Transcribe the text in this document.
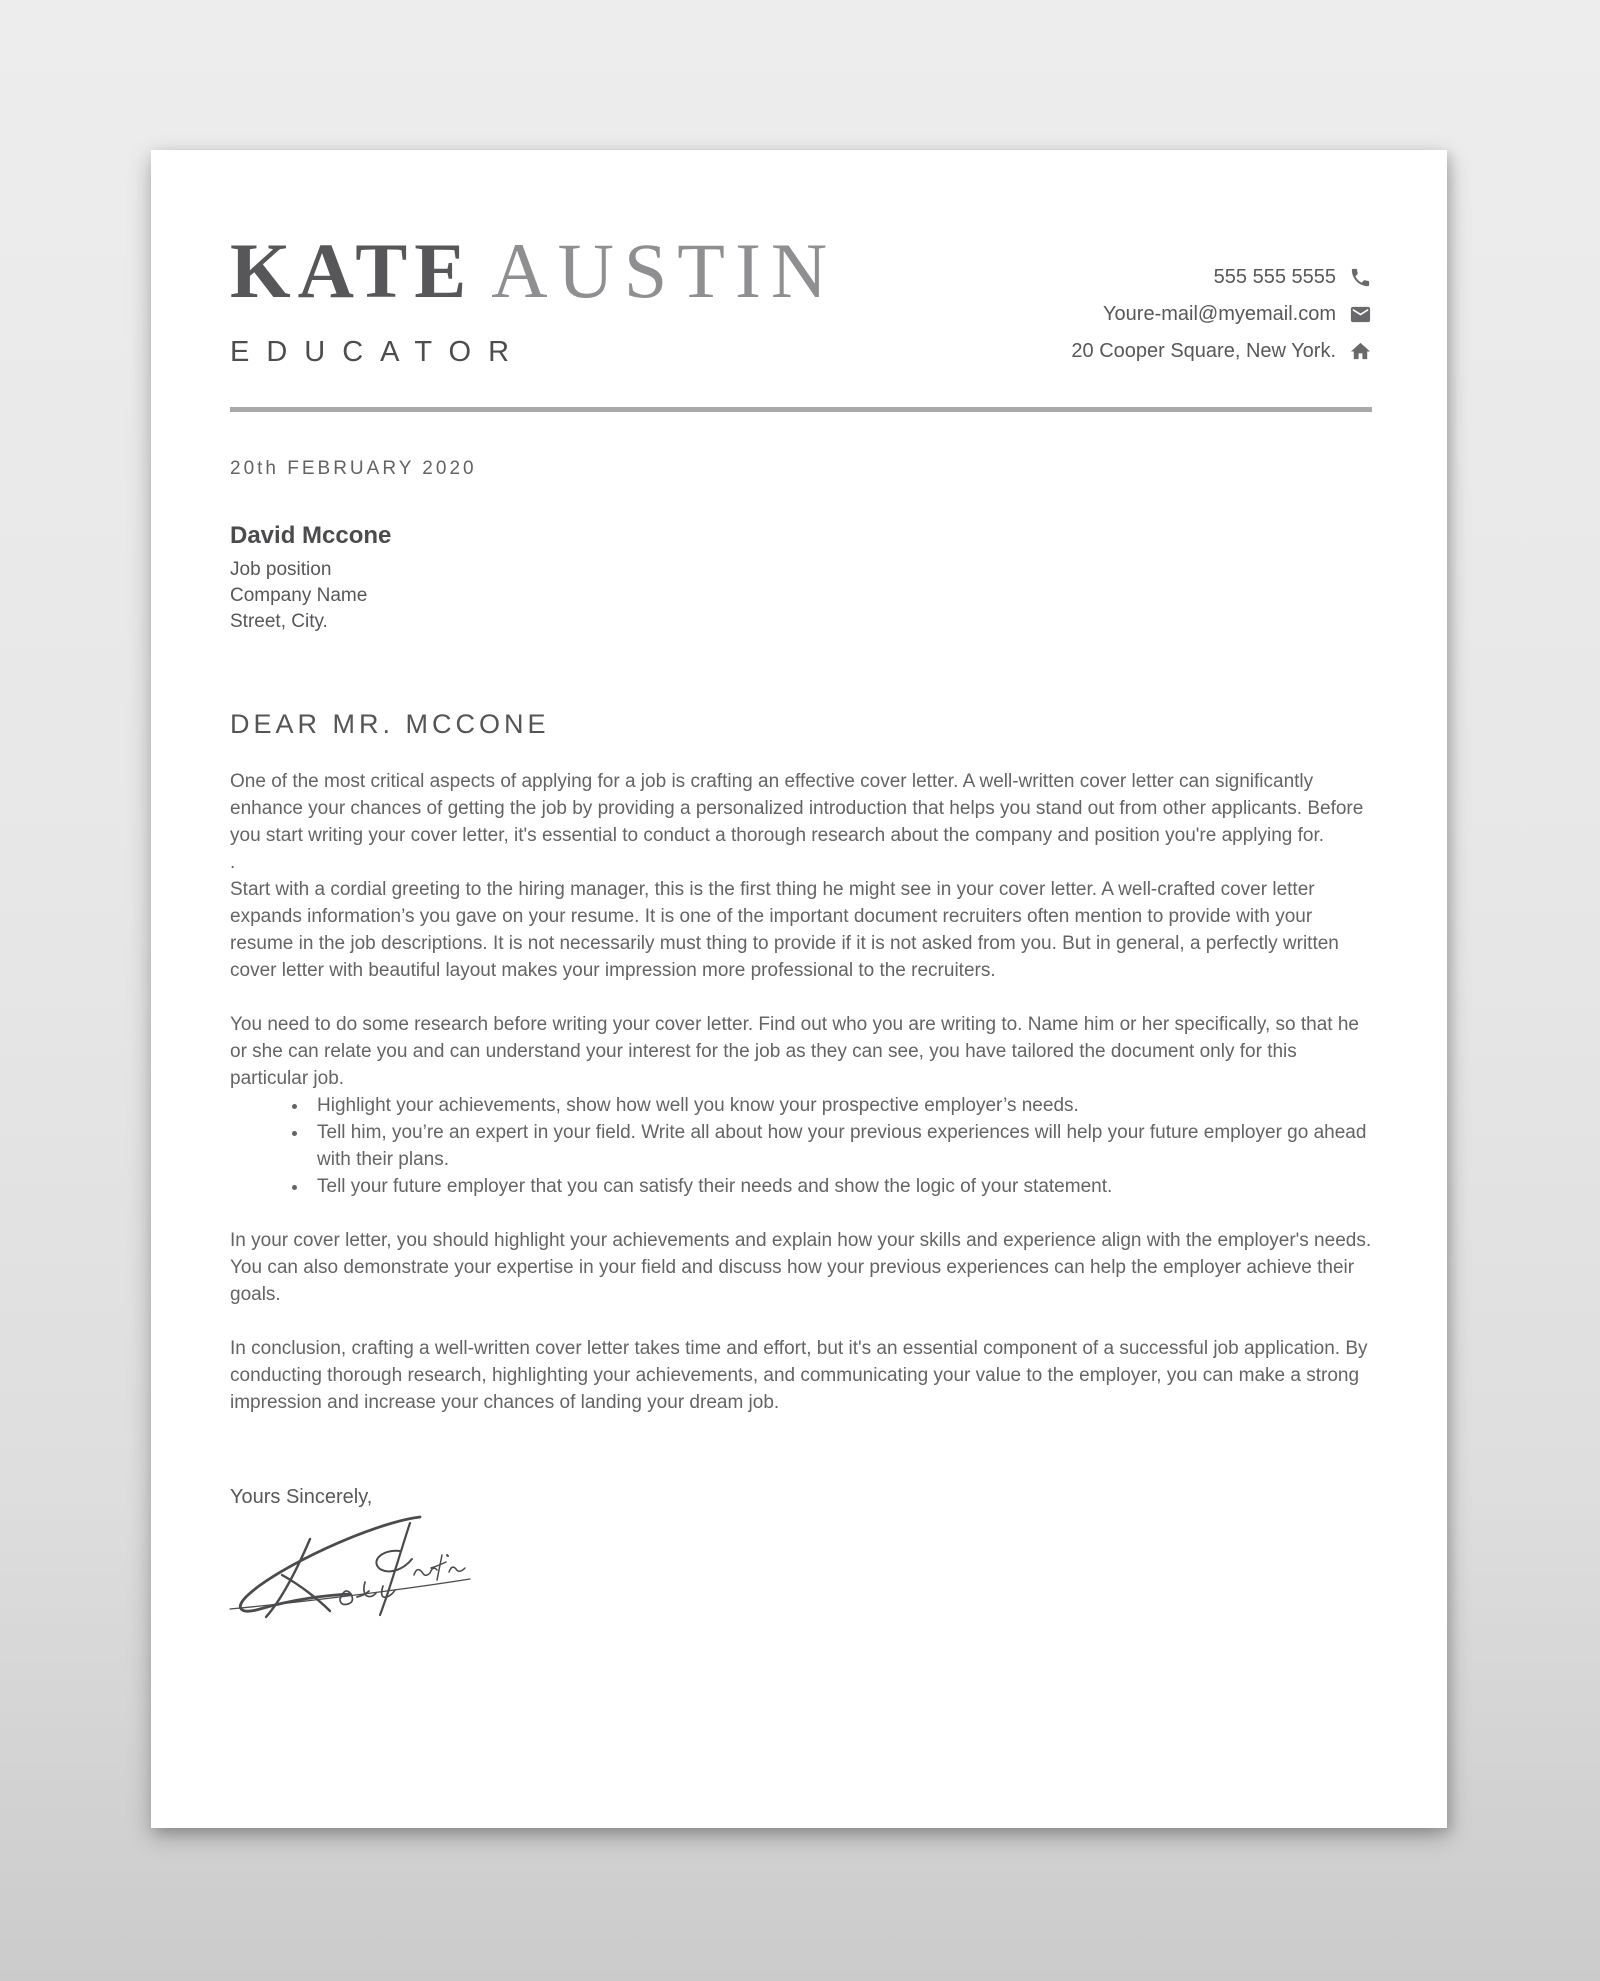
KATE AUSTIN
EDUCATOR
555 555 5555
Youre-mail@myemail.com
20 Cooper Square, New York.
20th FEBRUARY 2020
David Mccone
Job position
Company Name
Street, City.
DEAR MR. MCCONE

One of the most critical aspects of applying for a job is crafting an effective cover letter. A well-written cover letter can significantly enhance your chances of getting the job by providing a personalized introduction that helps you stand out from other applicants. Before you start writing your cover letter, it's essential to conduct a thorough research about the company and position you're applying for.

.

Start with a cordial greeting to the hiring manager, this is the first thing he might see in your cover letter. A well-crafted cover letter expands information’s you gave on your resume. It is one of the important document recruiters often mention to provide with your resume in the job descriptions. It is not necessarily must thing to provide if it is not asked from you. But in general, a perfectly written cover letter with beautiful layout makes your impression more professional to the recruiters.

You need to do some research before writing your cover letter. Find out who you are writing to. Name him or her specifically, so that he or she can relate you and can understand your interest for the job as they can see, you have tailored the document only for this particular job.

• Highlight your achievements, show how well you know your prospective employer’s needs.
• Tell him, you’re an expert in your field. Write all about how your previous experiences will help your future employer go ahead with their plans.
• Tell your future employer that you can satisfy their needs and show the logic of your statement.

In your cover letter, you should highlight your achievements and explain how your skills and experience align with the employer's needs. You can also demonstrate your expertise in your field and discuss how your previous experiences can help the employer achieve their goals.

In conclusion, crafting a well-written cover letter takes time and effort, but it's an essential component of a successful job application. By conducting thorough research, highlighting your achievements, and communicating your value to the employer, you can make a strong impression and increase your chances of landing your dream job.

Yours Sincerely,
